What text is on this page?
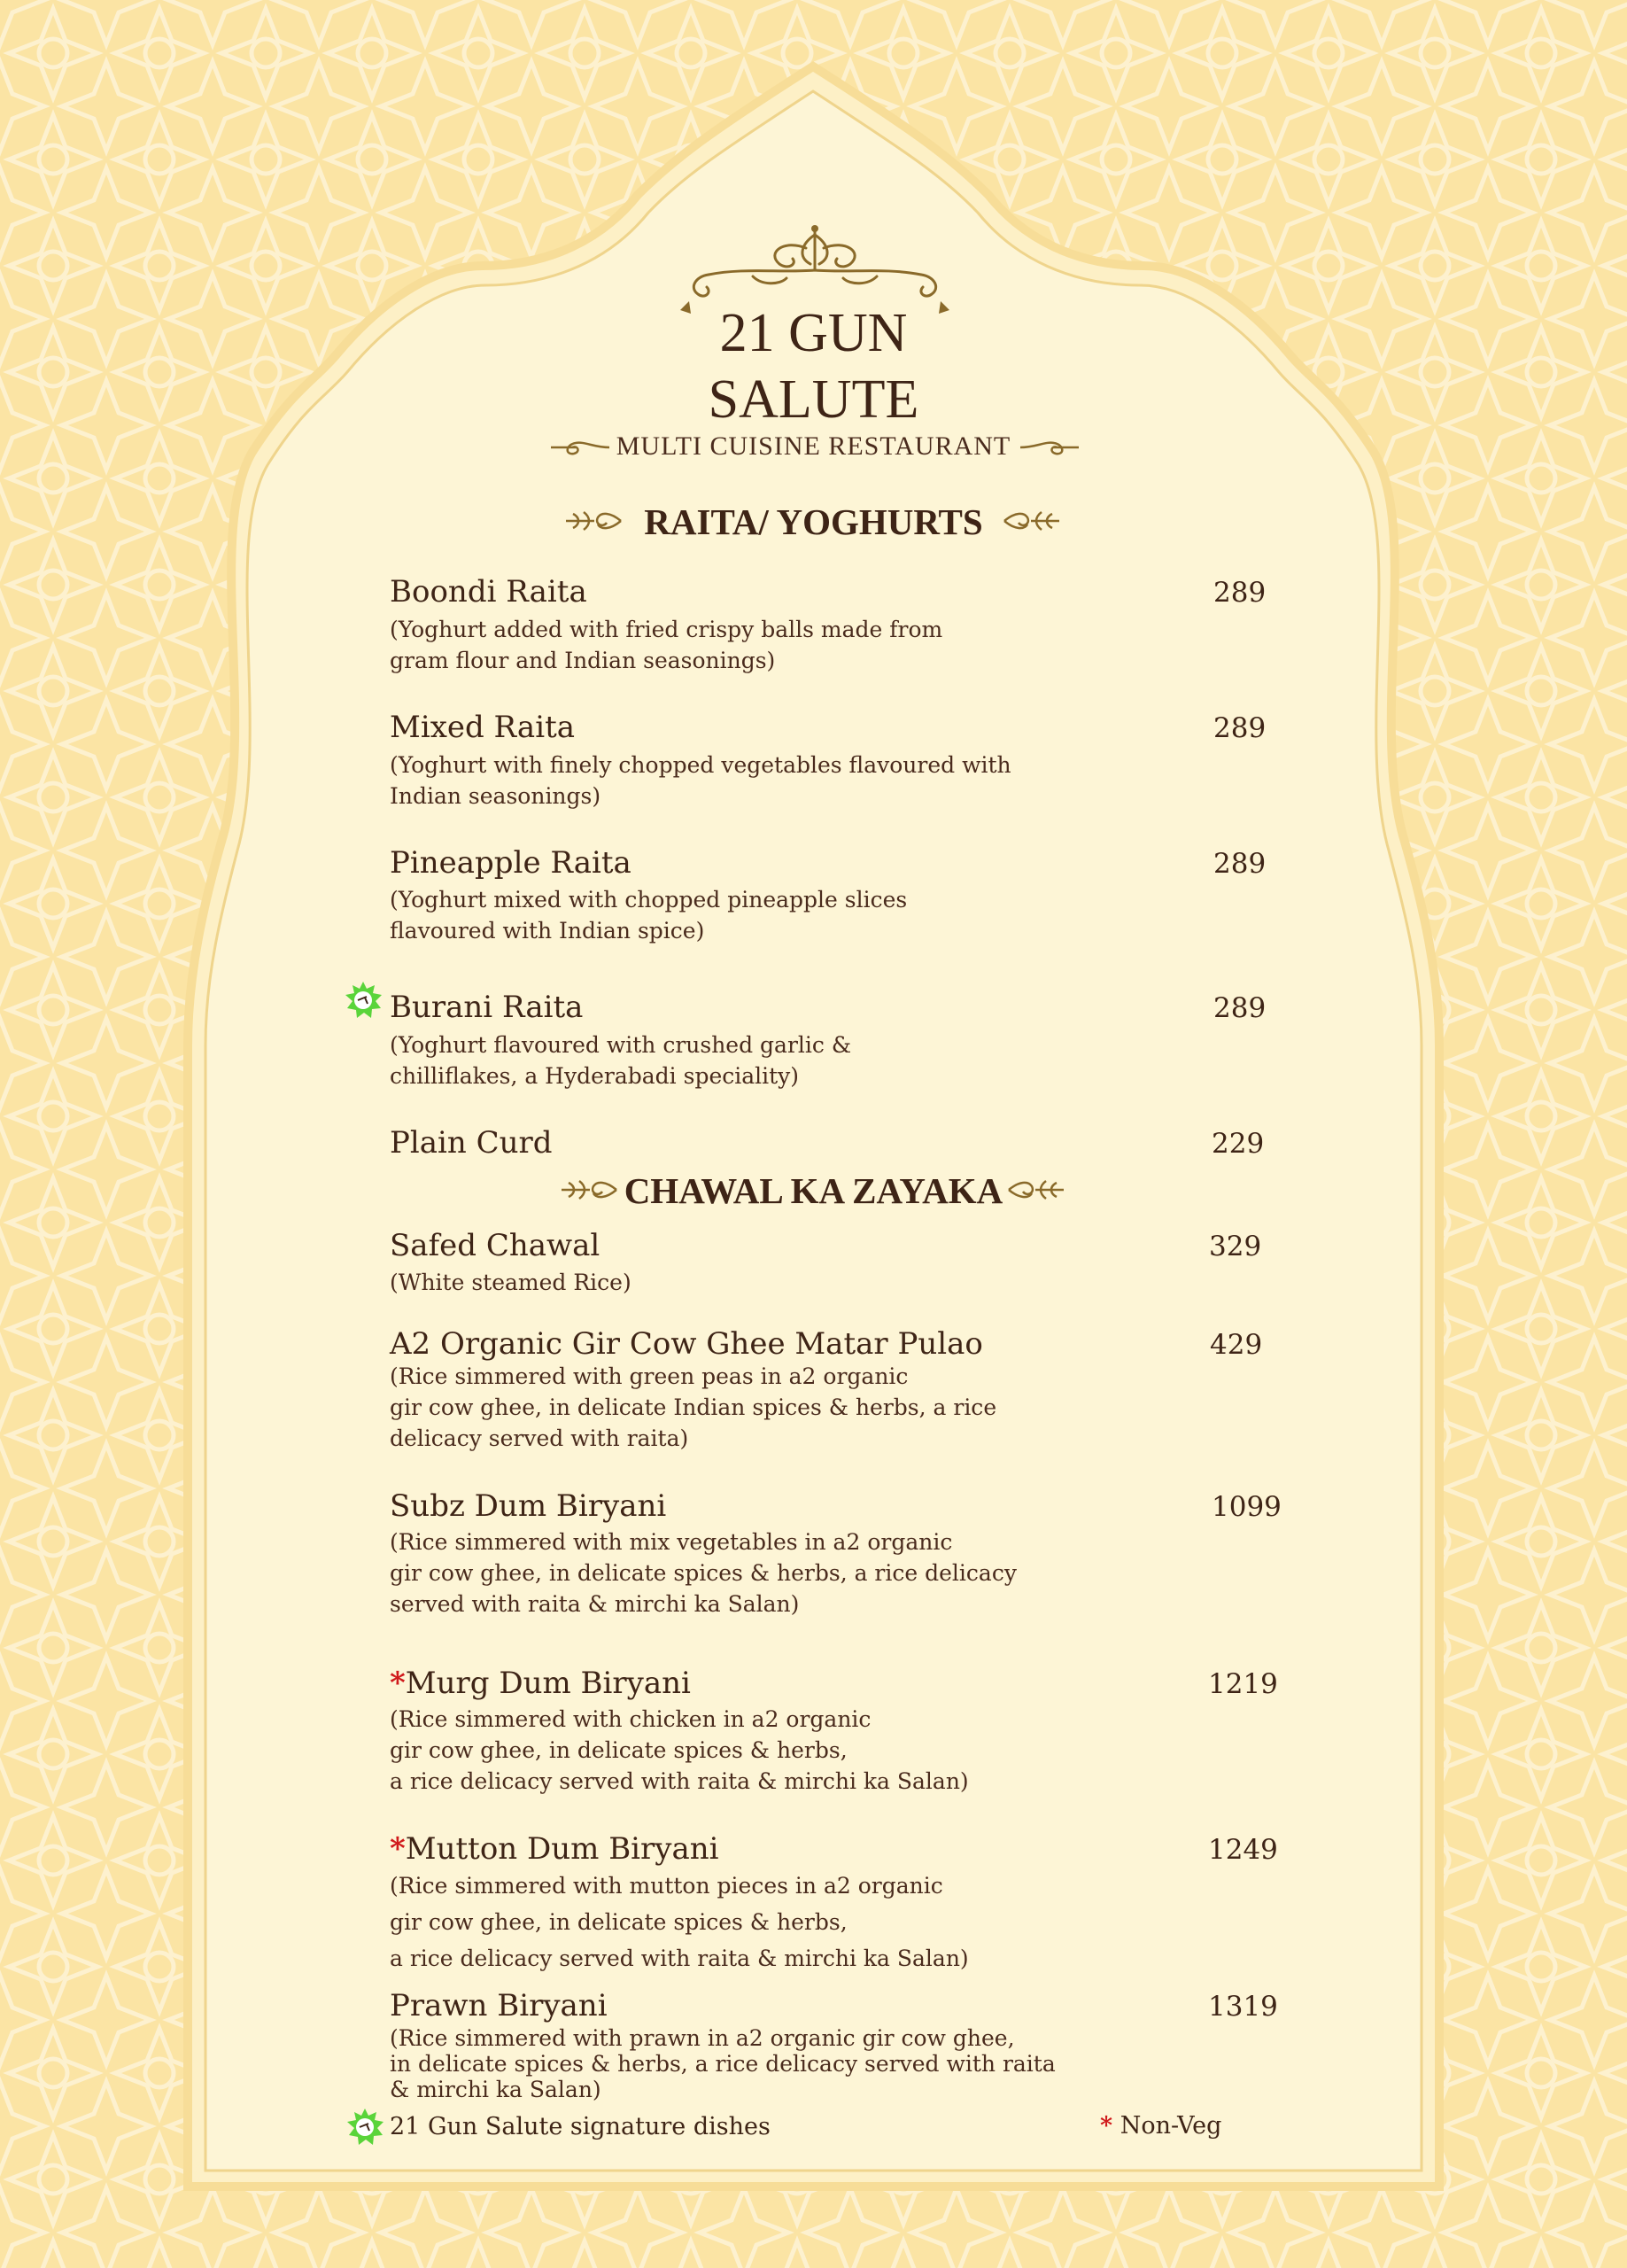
21 GUN
SALUTE
MULTI CUISINE RESTAURANT
RAITA/ YOGHURTS
Boondi Raita	289
(Yoghurt added with fried crispy balls made from
gram flour and Indian seasonings)
Mixed Raita	289
(Yoghurt with finely chopped vegetables flavoured with
Indian seasonings)
Pineapple Raita	289
(Yoghurt mixed with chopped pineapple slices
flavoured with Indian spice)
Burani Raita	289
(Yoghurt flavoured with crushed garlic &
chilliflakes, a Hyderabadi speciality)
Plain Curd	229
CHAWAL KA ZAYAKA
Safed Chawal	329
(White steamed Rice)
A2 Organic Gir Cow Ghee Matar Pulao	429
(Rice simmered with green peas in a2 organic
gir cow ghee, in delicate Indian spices & herbs, a rice
delicacy served with raita)
Subz Dum Biryani	1099
(Rice simmered with mix vegetables in a2 organic
gir cow ghee, in delicate spices & herbs, a rice delicacy
served with raita & mirchi ka Salan)
*Murg Dum Biryani	1219
(Rice simmered with chicken in a2 organic
gir cow ghee, in delicate spices & herbs,
a rice delicacy served with raita & mirchi ka Salan)
*Mutton Dum Biryani	1249
(Rice simmered with mutton pieces in a2 organic
gir cow ghee, in delicate spices & herbs,
a rice delicacy served with raita & mirchi ka Salan)
Prawn Biryani	1319
(Rice simmered with prawn in a2 organic gir cow ghee,
in delicate spices & herbs, a rice delicacy served with raita
& mirchi ka Salan)
21 Gun Salute signature dishes	* Non-Veg
